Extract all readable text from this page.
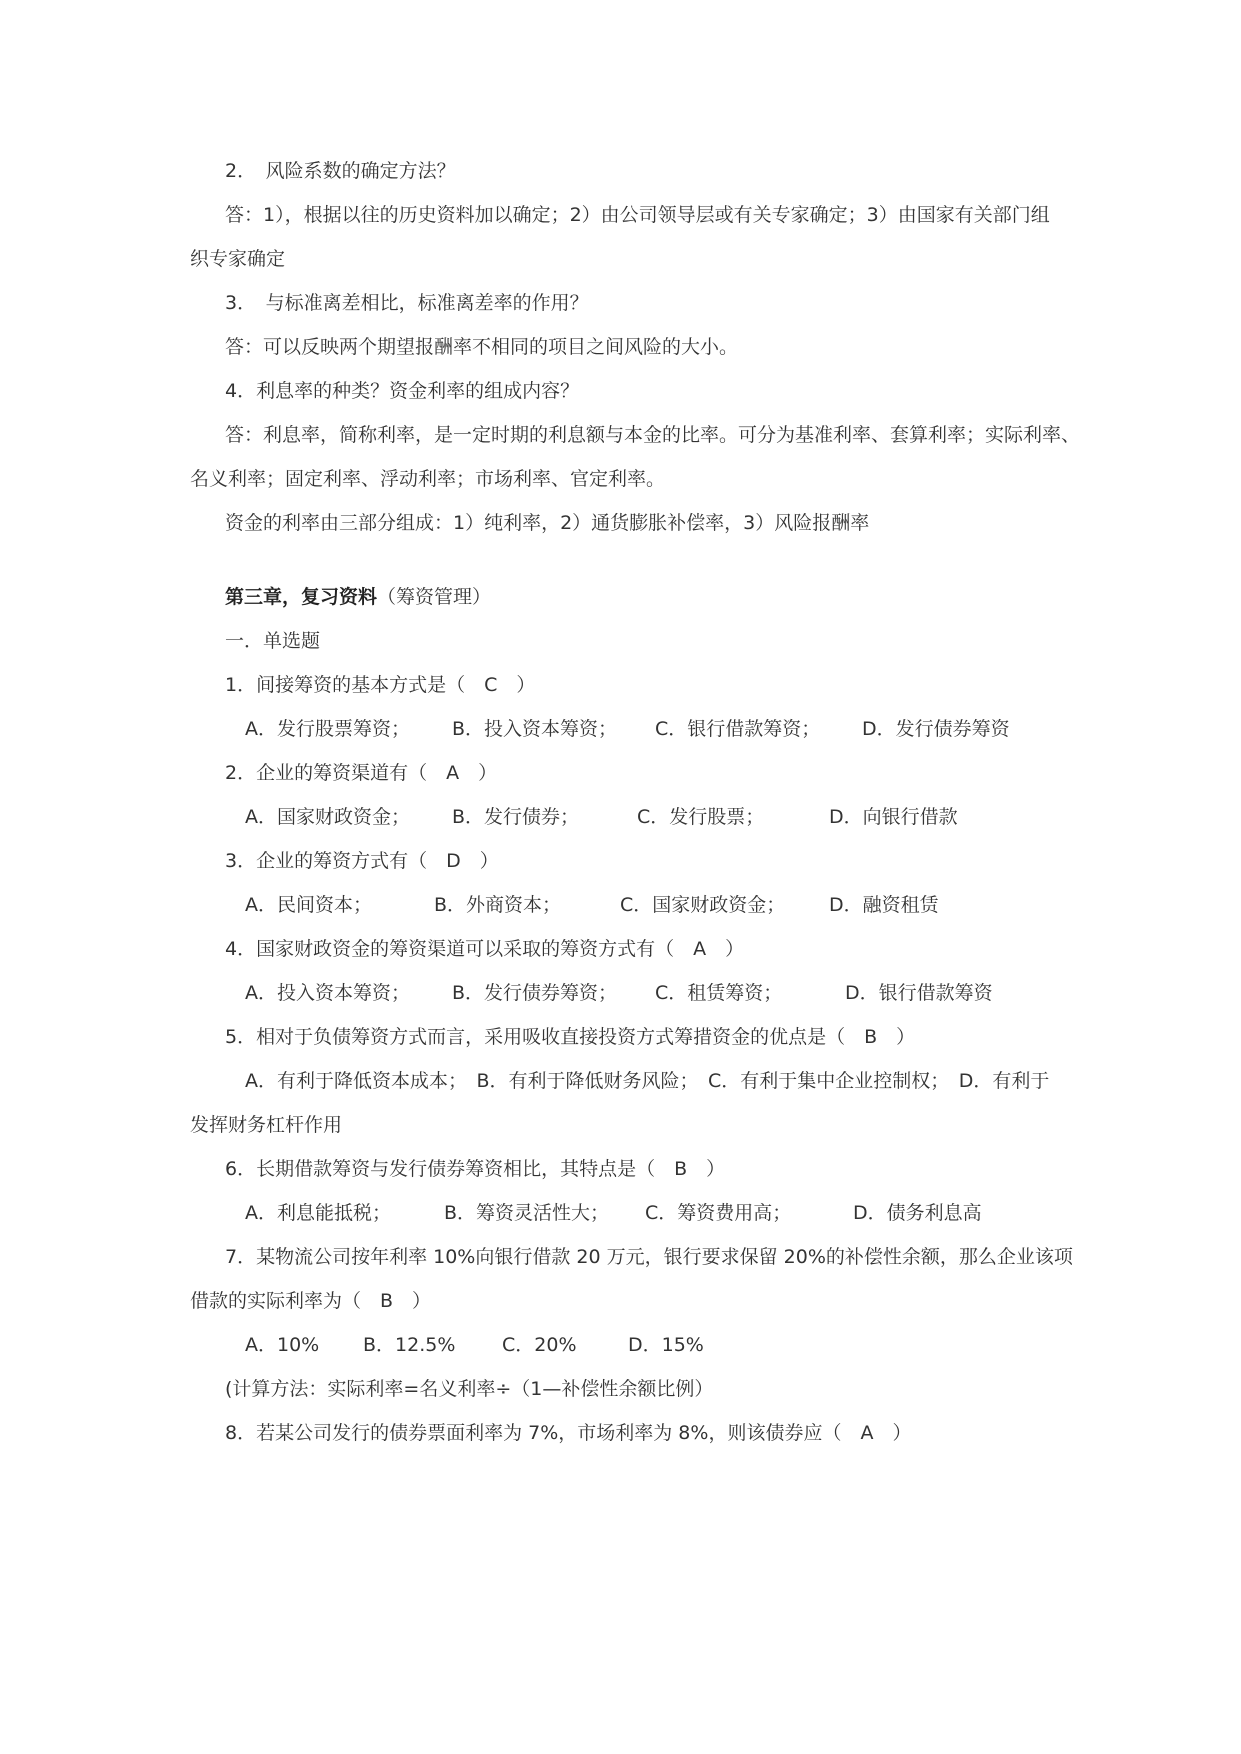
2．　风险系数的确定方法？
答：1），根据以往的历史资料加以确定；2）由公司领导层或有关专家确定；3）由国家有关部门组
织专家确定
3．　与标准离差相比，标准离差率的作用？
答：可以反映两个期望报酬率不相同的项目之间风险的大小。
4．利息率的种类？资金利率的组成内容？
答：利息率，简称利率，是一定时期的利息额与本金的比率。可分为基准利率、套算利率；实际利率、
名义利率；固定利率、浮动利率；市场利率、官定利率。
资金的利率由三部分组成：1）纯利率，2）通货膨胀补偿率，3）风险报酬率
第三章，复习资料（筹资管理）
一．单选题
1．间接筹资的基本方式是（　C　）
A．发行股票筹资； B．投入资本筹资； C．银行借款筹资； D．发行债券筹资
2．企业的筹资渠道有（　A　）
A．国家财政资金； B．发行债券；	C．发行股票；	D．向银行借款
3．企业的筹资方式有（　D　）
A．民间资本；	B．外商资本；	C．国家财政资金； D．融资租赁
4．国家财政资金的筹资渠道可以采取的筹资方式有（　A　）
A．投入资本筹资； B．发行债券筹资； C．租赁筹资；	D．银行借款筹资
5．相对于负债筹资方式而言，采用吸收直接投资方式筹措资金的优点是（　B　）
A．有利于降低资本成本；　B．有利于降低财务风险；　C．有利于集中企业控制权；　D．有利于
发挥财务杠杆作用
6．长期借款筹资与发行债券筹资相比，其特点是（　B　）
A．利息能抵税；	B．筹资灵活性大； C．筹资费用高；	D．债务利息高
7．某物流公司按年利率 10%向银行借款 20 万元，银行要求保留 20%的补偿性余额，那么企业该项
借款的实际利率为（　B　）
A．10% B．12.5% C．20%	D．15%
(计算方法：实际利率=名义利率÷（1—补偿性余额比例）
8．若某公司发行的债券票面利率为 7%，市场利率为 8%，则该债券应（　A　）
